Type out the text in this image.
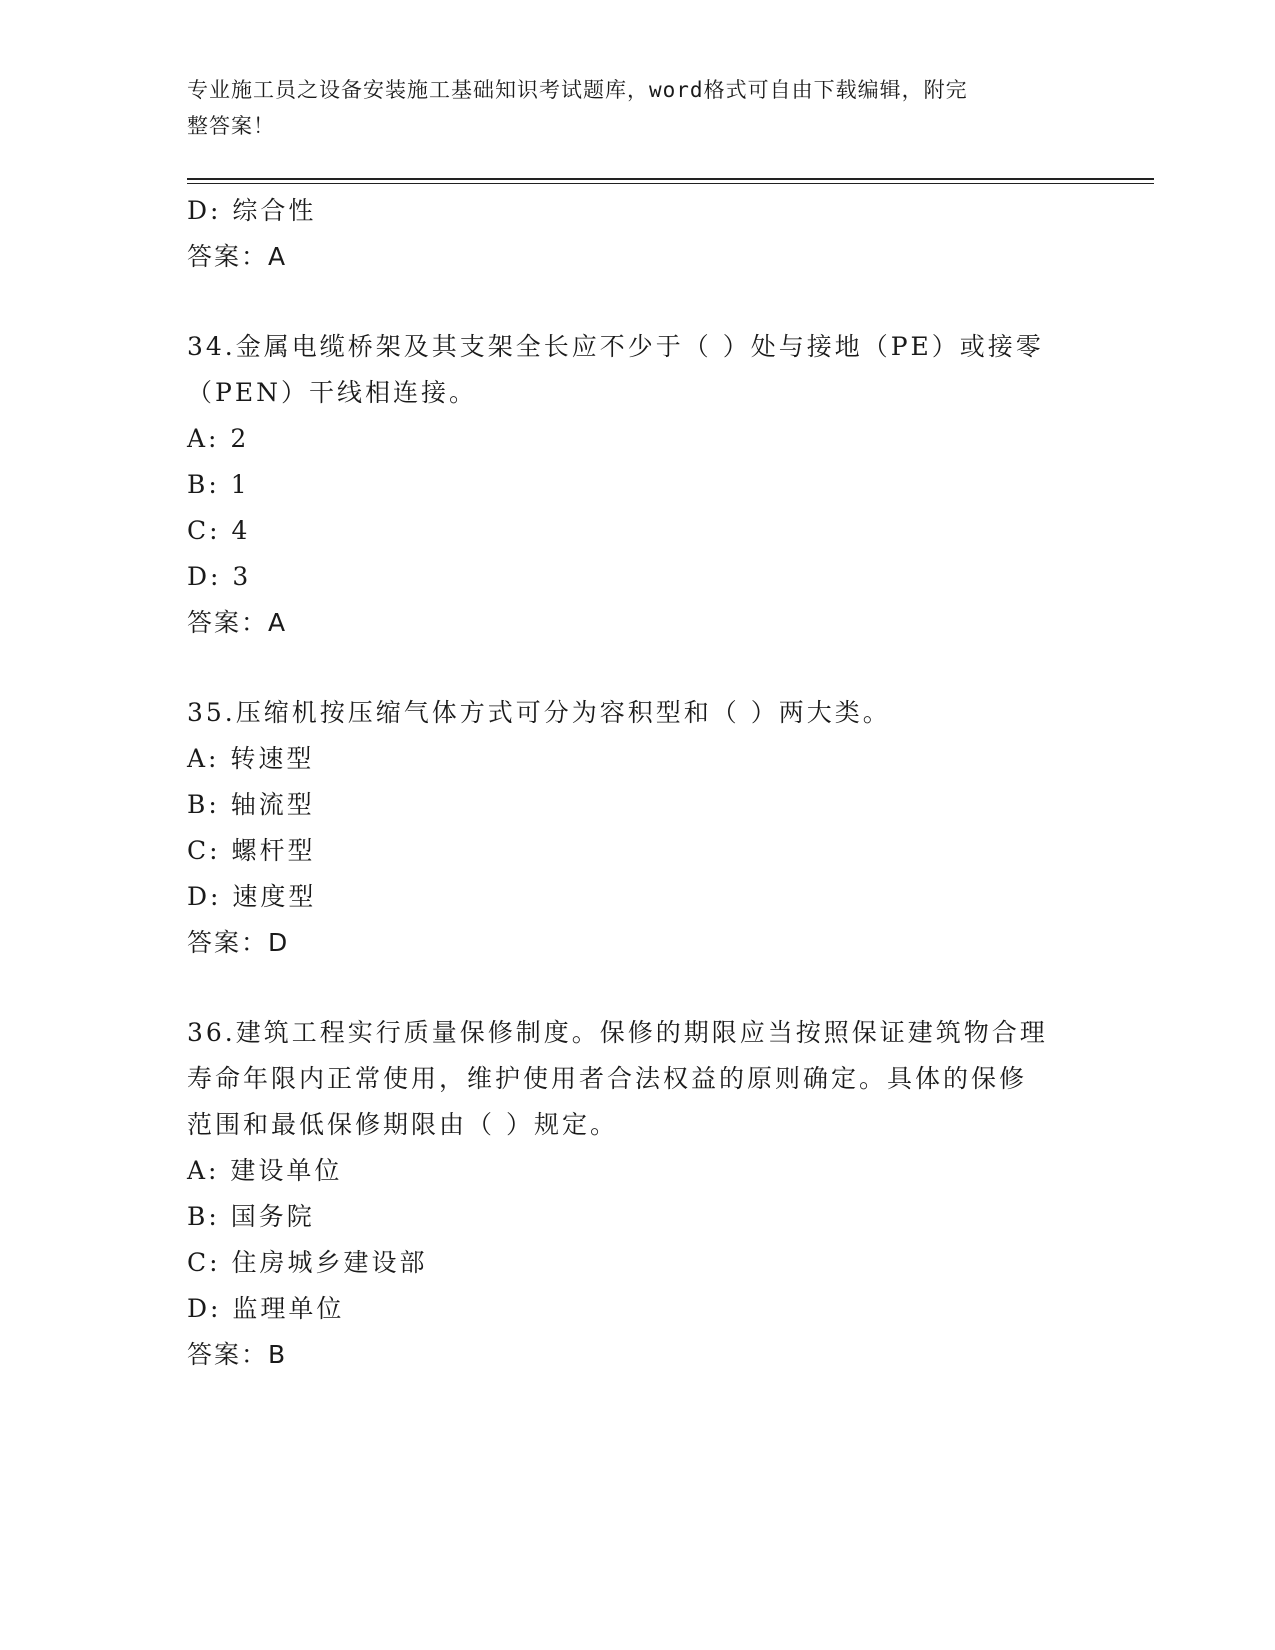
专业施工员之设备安装施工基础知识考试题库，word格式可自由下载编辑，附完
整答案！
D: 综合性
答案：A
34.金属电缆桥架及其支架全长应不少于（ ）处与接地（PE）或接零
（PEN）干线相连接。
A: 2
B: 1
C: 4
D: 3
答案：A
35.压缩机按压缩气体方式可分为容积型和（ ）两大类。
A: 转速型
B: 轴流型
C: 螺杆型
D: 速度型
答案：D
36.建筑工程实行质量保修制度。保修的期限应当按照保证建筑物合理
寿命年限内正常使用，维护使用者合法权益的原则确定。具体的保修
范围和最低保修期限由（ ）规定。
A: 建设单位
B: 国务院
C: 住房城乡建设部
D: 监理单位
答案：B
